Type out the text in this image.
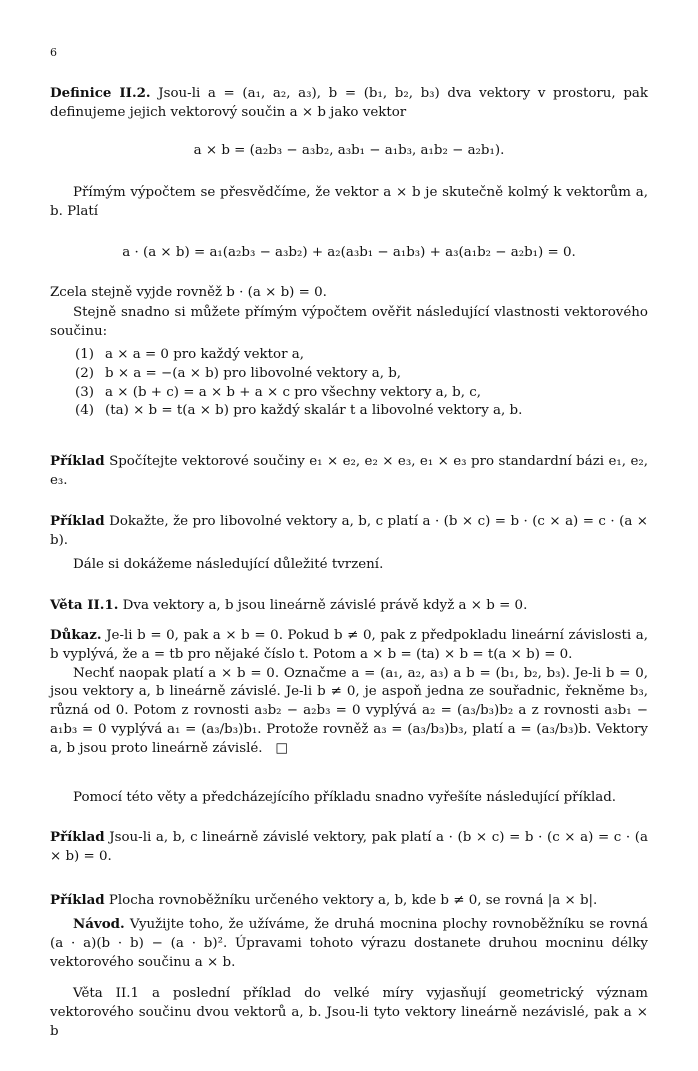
6

Definice II.2. Jsou-li a = (a₁, a₂, a₃), b = (b₁, b₂, b₃) dva vektory v prostoru, pak definujeme jejich vektorový součin a × b jako vektor

a × b = (a₂b₃ − a₃b₂, a₃b₁ − a₁b₃, a₁b₂ − a₂b₁).

Přímým výpočtem se přesvědčíme, že vektor a × b je skutečně kolmý k vektorům a, b. Platí

a · (a × b) = a₁(a₂b₃ − a₃b₂) + a₂(a₃b₁ − a₁b₃) + a₃(a₁b₂ − a₂b₁) = 0.

Zcela stejně vyjde rovněž b · (a × b) = 0.

Stejně snadno si můžete přímým výpočtem ověřit následující vlastnosti vektorového součinu:

(1) a × a = 0 pro každý vektor a,
(2) b × a = −(a × b) pro libovolné vektory a, b,
(3) a × (b + c) = a × b + a × c pro všechny vektory a, b, c,
(4) (ta) × b = t(a × b) pro každý skalár t a libovolné vektory a, b.

Příklad Spočítejte vektorové součiny e₁ × e₂, e₂ × e₃, e₁ × e₃ pro standardní bázi e₁, e₂, e₃.

Příklad Dokažte, že pro libovolné vektory a, b, c platí a · (b × c) = b · (c × a) = c · (a × b).

Dále si dokážeme následující důležité tvrzení.

Věta II.1. Dva vektory a, b jsou lineárně závislé právě když a × b = 0.

Důkaz. Je-li b = 0, pak a × b = 0. Pokud b ≠ 0, pak z předpokladu lineární závislosti a, b vyplývá, že a = tb pro nějaké číslo t. Potom a × b = (ta) × b = t(a × b) = 0.

Nechť naopak platí a × b = 0. Označme a = (a₁, a₂, a₃) a b = (b₁, b₂, b₃). Je-li b = 0, jsou vektory a, b lineárně závislé. Je-li b ≠ 0, je aspoň jedna ze souřadnic, řekněme b₃, různá od 0. Potom z rovnosti a₃b₂ − a₂b₃ = 0 vyplývá a₂ = (a₃/b₃)b₂ a z rovnosti a₃b₁ − a₁b₃ = 0 vyplývá a₁ = (a₃/b₃)b₁. Protože rovněž a₃ = (a₃/b₃)b₃, platí a = (a₃/b₃)b. Vektory a, b jsou proto lineárně závislé. □

Pomocí této věty a předcházejícího příkladu snadno vyřešíte následující příklad.

Příklad Jsou-li a, b, c lineárně závislé vektory, pak platí a · (b × c) = b · (c × a) = c · (a × b) = 0.

Příklad Plocha rovnoběžníku určeného vektory a, b, kde b ≠ 0, se rovná |a × b|.

Návod. Využijte toho, že užíváme, že druhá mocnina plochy rovnoběžníku se rovná (a · a)(b · b) − (a · b)². Úpravami tohoto výrazu dostanete druhou mocninu délky vektorového součinu a × b.

Věta II.1 a poslední příklad do velké míry vyjasňují geometrický význam vektorového součinu dvou vektorů a, b. Jsou-li tyto vektory lineárně nezávislé, pak a × b
